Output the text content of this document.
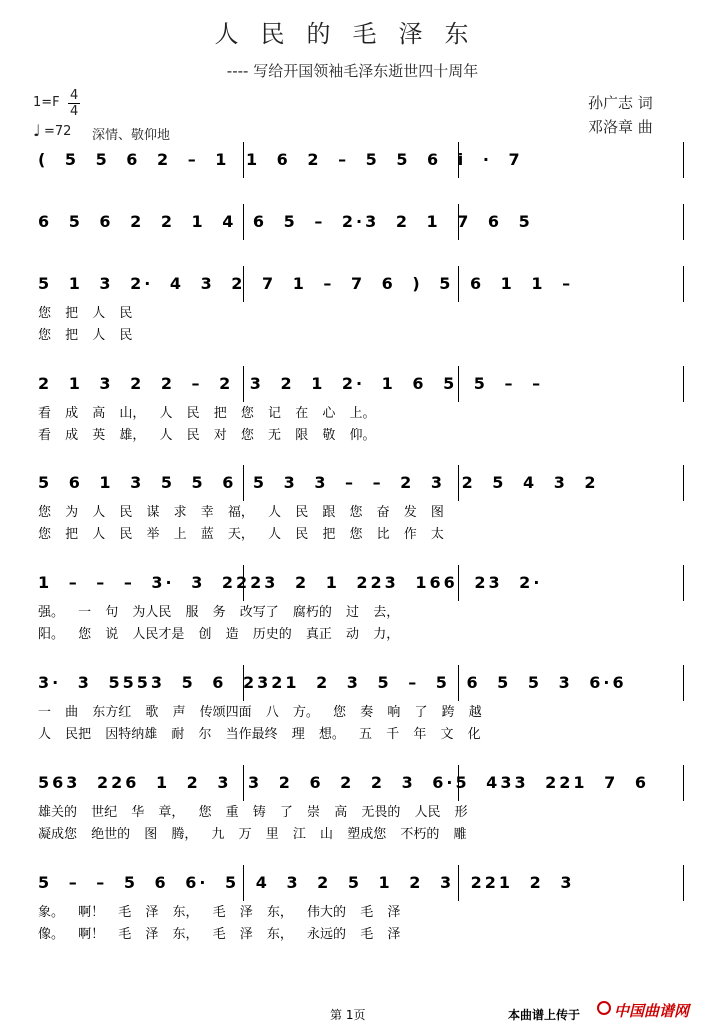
人民的毛泽东
---- 写给开国领袖毛泽东逝世四十周年
1=F 4
4
♩ =72 深情、敬仰地
孙广志 词
邓洛章 曲
( 5 5 6 2 – 1 1 6 2 – 5 5 6 i · 7
6 5 6 2 2 1 4 6 5 – 2·3 2 1 7 6 5
5 1 3 2· 4 3 2 7 1 – 7 6 ) 5 6 1 1 –
您 把 人 民
您 把 人 民
2 1 3 2 2 – 2 3 2 1 2· 1 6 5 5 – –
看 成 高 山， 人 民 把 您 记 在 心 上。
看 成 英 雄， 人 民 对 您 无 限 敬 仰。
5 6 1 3 5 5 6 5 3 3 – – 2 3 2 5 4 3 2
您 为 人 民 谋 求 幸 福， 人 民 跟 您 奋 发 图
您 把 人 民 举 上 蓝 天， 人 民 把 您 比 作 太
1 – – – 3· 3 2223 2 1 223 166 23 2·
强。 一 句 为人民 服 务 改写了 腐朽的 过 去，
阳。 您 说 人民才是 创 造 历史的 真正 动 力，
3· 3 5553 5 6 2321 2 3 5 – 5 6 5 5 3 6·6
一 曲 东方红 歌 声 传颂四面 八 方。 您 奏 响 了 跨 越
人 民把 因特纳雄 耐 尔 当作最终 理 想。 五 千 年 文 化
563 226 1 2 3 3 2 6 2 2 3 6·5 433 221 7 6
雄关的 世纪 华 章， 您 重 铸 了 崇 高 无畏的 人民 形
凝成您 绝世的 图 腾， 九 万 里 江 山 塑成您 不朽的 雕
5 – – 5 6 6· 5 4 3 2 5 1 2 3 221 2 3
象。 啊！ 毛 泽 东， 毛 泽 东， 伟大的 毛 泽
像。 啊！ 毛 泽 东， 毛 泽 东， 永远的 毛 泽
第 1页	本曲谱上传于 中国曲谱网
